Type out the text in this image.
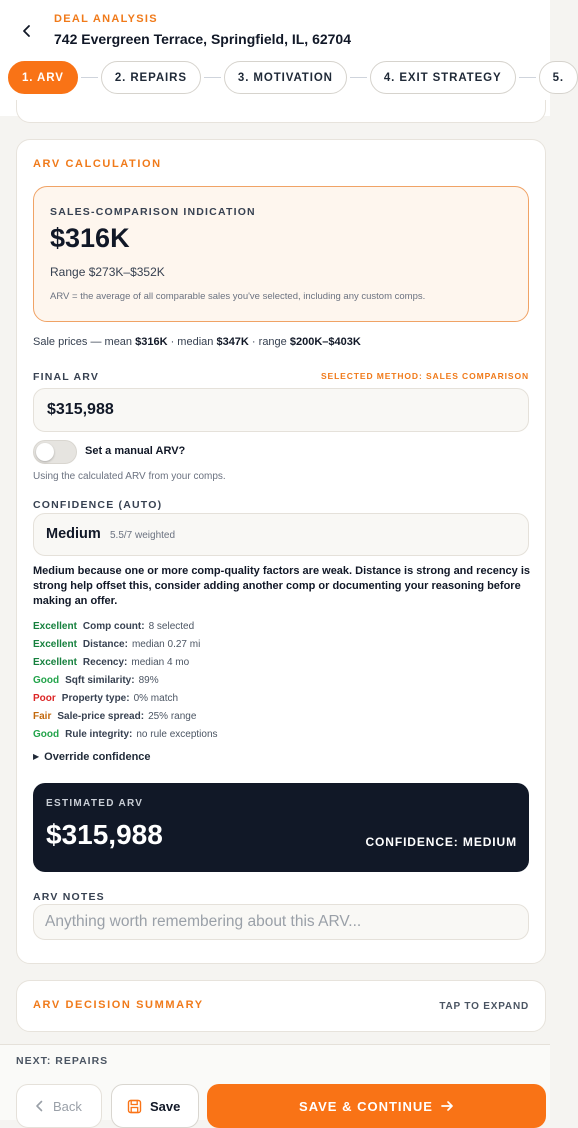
DEAL ANALYSIS
742 Evergreen Terrace, Springfield, IL, 62704
1. ARV	2. REPAIRS	3. MOTIVATION	4. EXIT STRATEGY	5.
ARV CALCULATION
SALES-COMPARISON INDICATION
$316K
Range $273K–$352K
ARV = the average of all comparable sales you've selected, including any custom comps.
Sale prices — mean $316K · median $347K · range $200K–$403K
FINAL ARV	SELECTED METHOD: SALES COMPARISON
$315,988
Set a manual ARV?
Using the calculated ARV from your comps.
CONFIDENCE (AUTO)
Medium 5.5/7 weighted
Medium because one or more comp-quality factors are weak. Distance is strong and recency is strong help offset this, consider adding another comp or documenting your reasoning before making an offer.
Excellent Comp count: 8 selected
Excellent Distance: median 0.27 mi
Excellent Recency: median 4 mo
Good Sqft similarity: 89%
Poor Property type: 0% match
Fair Sale-price spread: 25% range
Good Rule integrity: no rule exceptions
▶ Override confidence
ESTIMATED ARV
$315,988	CONFIDENCE: MEDIUM
ARV NOTES
Anything worth remembering about this ARV...
ARV DECISION SUMMARY	TAP TO EXPAND
NEXT: REPAIRS
Back	Save	SAVE & CONTINUE
